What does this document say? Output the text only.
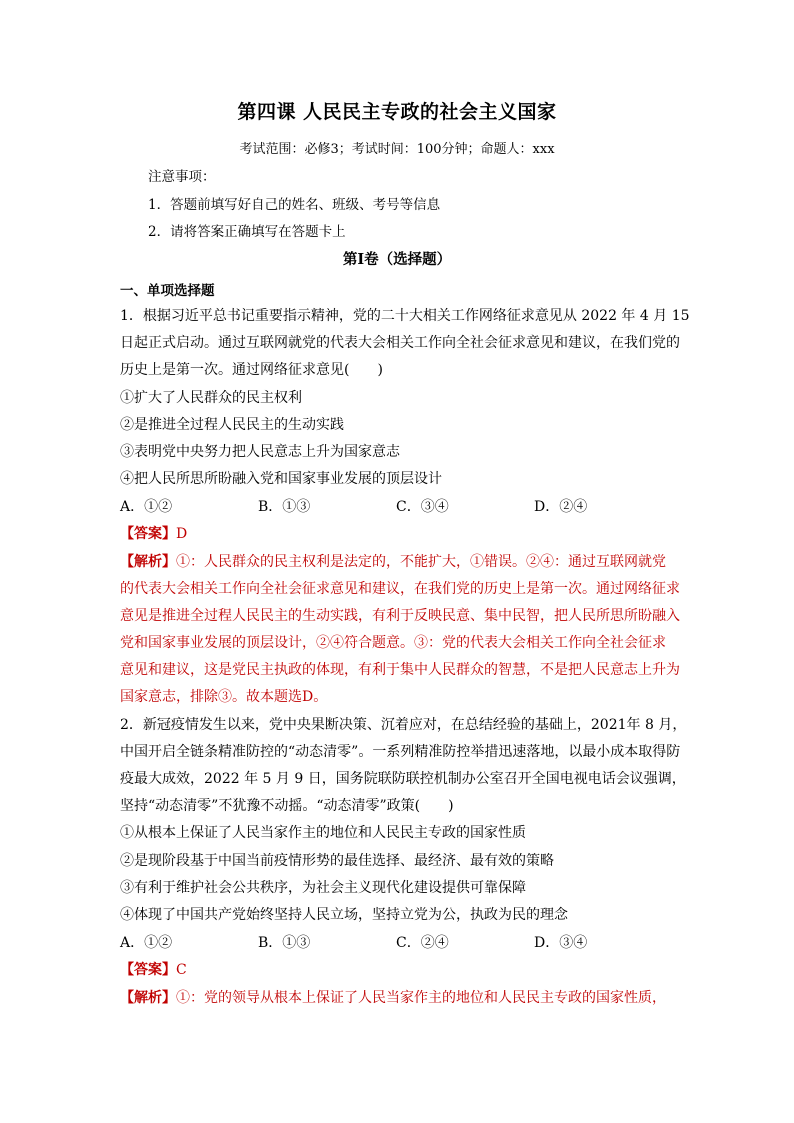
第四课 人民民主专政的社会主义国家
考试范围：必修3；考试时间：100分钟；命题人：xxx
注意事项：
1．答题前填写好自己的姓名、班级、考号等信息
2．请将答案正确填写在答题卡上
第I卷（选择题）
一、单项选择题
1．根据习近平总书记重要指示精神，党的二十大相关工作网络征求意见从 2022 年 4 月 15
日起正式启动。通过互联网就党的代表大会相关工作向全社会征求意见和建议，在我们党的
历史上是第一次。通过网络征求意见(　　)
①扩大了人民群众的民主权利
②是推进全过程人民民主的生动实践
③表明党中央努力把人民意志上升为国家意志
④把人民所思所盼融入党和国家事业发展的顶层设计
A．①②	B．①③	C．③④	D．②④
【答案】D
【解析】①：人民群众的民主权利是法定的，不能扩大，①错误。②④：通过互联网就党
的代表大会相关工作向全社会征求意见和建议，在我们党的历史上是第一次。通过网络征求
意见是推进全过程人民民主的生动实践，有利于反映民意、集中民智，把人民所思所盼融入
党和国家事业发展的顶层设计，②④符合题意。③：党的代表大会相关工作向全社会征求
意见和建议，这是党民主执政的体现，有利于集中人民群众的智慧，不是把人民意志上升为
国家意志，排除③。故本题选D。
2．新冠疫情发生以来，党中央果断决策、沉着应对，在总结经验的基础上，2021年 8 月，
中国开启全链条精准防控的“动态清零”。一系列精准防控举措迅速落地，以最小成本取得防
疫最大成效，2022 年 5 月 9 日，国务院联防联控机制办公室召开全国电视电话会议强调，
坚持“动态清零”不犹豫不动摇。“动态清零”政策(　　)
①从根本上保证了人民当家作主的地位和人民民主专政的国家性质
②是现阶段基于中国当前疫情形势的最佳选择、最经济、最有效的策略
③有利于维护社会公共秩序，为社会主义现代化建设提供可靠保障
④体现了中国共产党始终坚持人民立场，坚持立党为公，执政为民的理念
A．①②	B．①③	C．②④	D．③④
【答案】C
【解析】①：党的领导从根本上保证了人民当家作主的地位和人民民主专政的国家性质，
